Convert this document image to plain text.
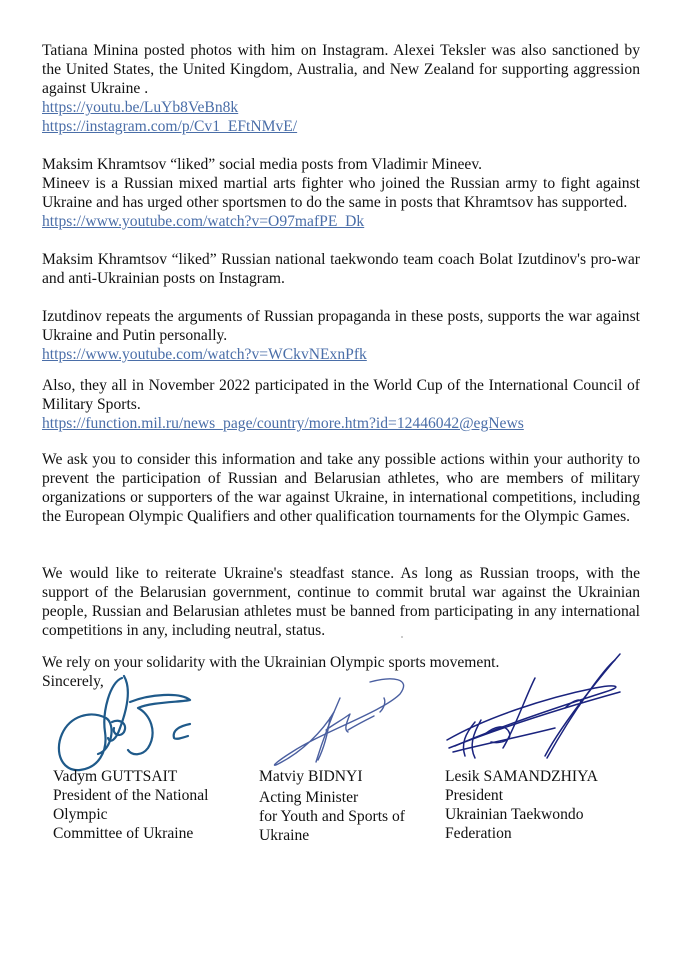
Tatiana Minina posted photos with him on Instagram. Alexei Teksler was also sanctioned by the United States, the United Kingdom, Australia, and New Zealand for supporting aggression against Ukraine .

https://youtu.be/LuYb8VeBn8k
https://instagram.com/p/Cv1_EFtNMvE/

Maksim Khramtsov “liked” social media posts from Vladimir Mineev.

Mineev is a Russian mixed martial arts fighter who joined the Russian army to fight against Ukraine and has urged other sportsmen to do the same in posts that Khramtsov has supported.

https://www.youtube.com/watch?v=O97mafPE_Dk

Maksim Khramtsov “liked” Russian national taekwondo team coach Bolat Izutdinov's pro-war and anti-Ukrainian posts on Instagram.

Izutdinov repeats the arguments of Russian propaganda in these posts, supports the war against Ukraine and Putin personally.

https://www.youtube.com/watch?v=WCkvNExnPfk

Also, they all in November 2022 participated in the World Cup of the International Council of Military Sports.

https://function.mil.ru/news_page/country/more.htm?id=12446042@egNews

We ask you to consider this information and take any possible actions within your authority to prevent the participation of Russian and Belarusian athletes, who are members of military organizations or supporters of the war against Ukraine, in international competitions, including the European Olympic Qualifiers and other qualification tournaments for the Olympic Games.

We would like to reiterate Ukraine's steadfast stance. As long as Russian troops, with the support of the Belarusian government, continue to commit brutal war against the Ukrainian people, Russian and Belarusian athletes must be banned from participating in any international competitions in any, including neutral, status.

We rely on your solidarity with the Ukrainian Olympic sports movement.

Sincerely,

Vadym GUTTSAIT
President of the National
Olympic
Committee of Ukraine
Matviy BIDNYI
Acting Minister
for Youth and Sports of
Ukraine
Lesik SAMANDZHIYA
President
Ukrainian Taekwondo
Federation
